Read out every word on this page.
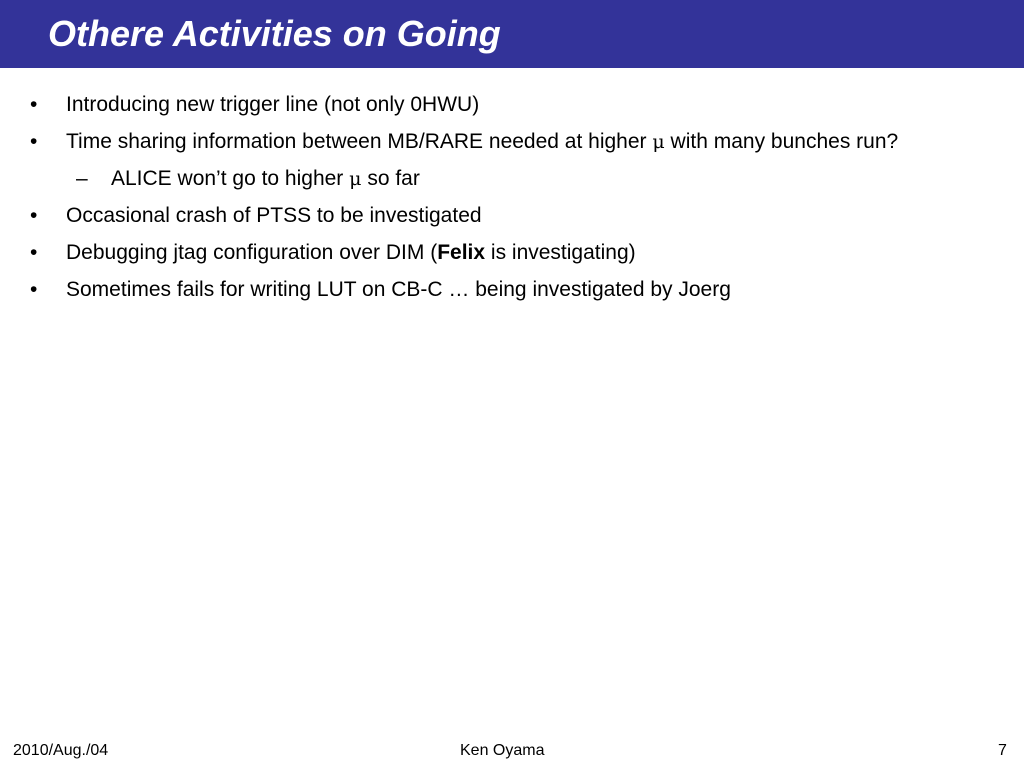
Othere Activities on Going
• Introducing new trigger line (not only 0HWU)
• Time sharing information between MB/RARE needed at higher μ with many bunches run?
– ALICE won’t go to higher μ so far
• Occasional crash of PTSS to be investigated
• Debugging jtag configuration over DIM (Felix is investigating)
• Sometimes fails for writing LUT on CB-C … being investigated by Joerg
2010/Aug./04	Ken Oyama	7
